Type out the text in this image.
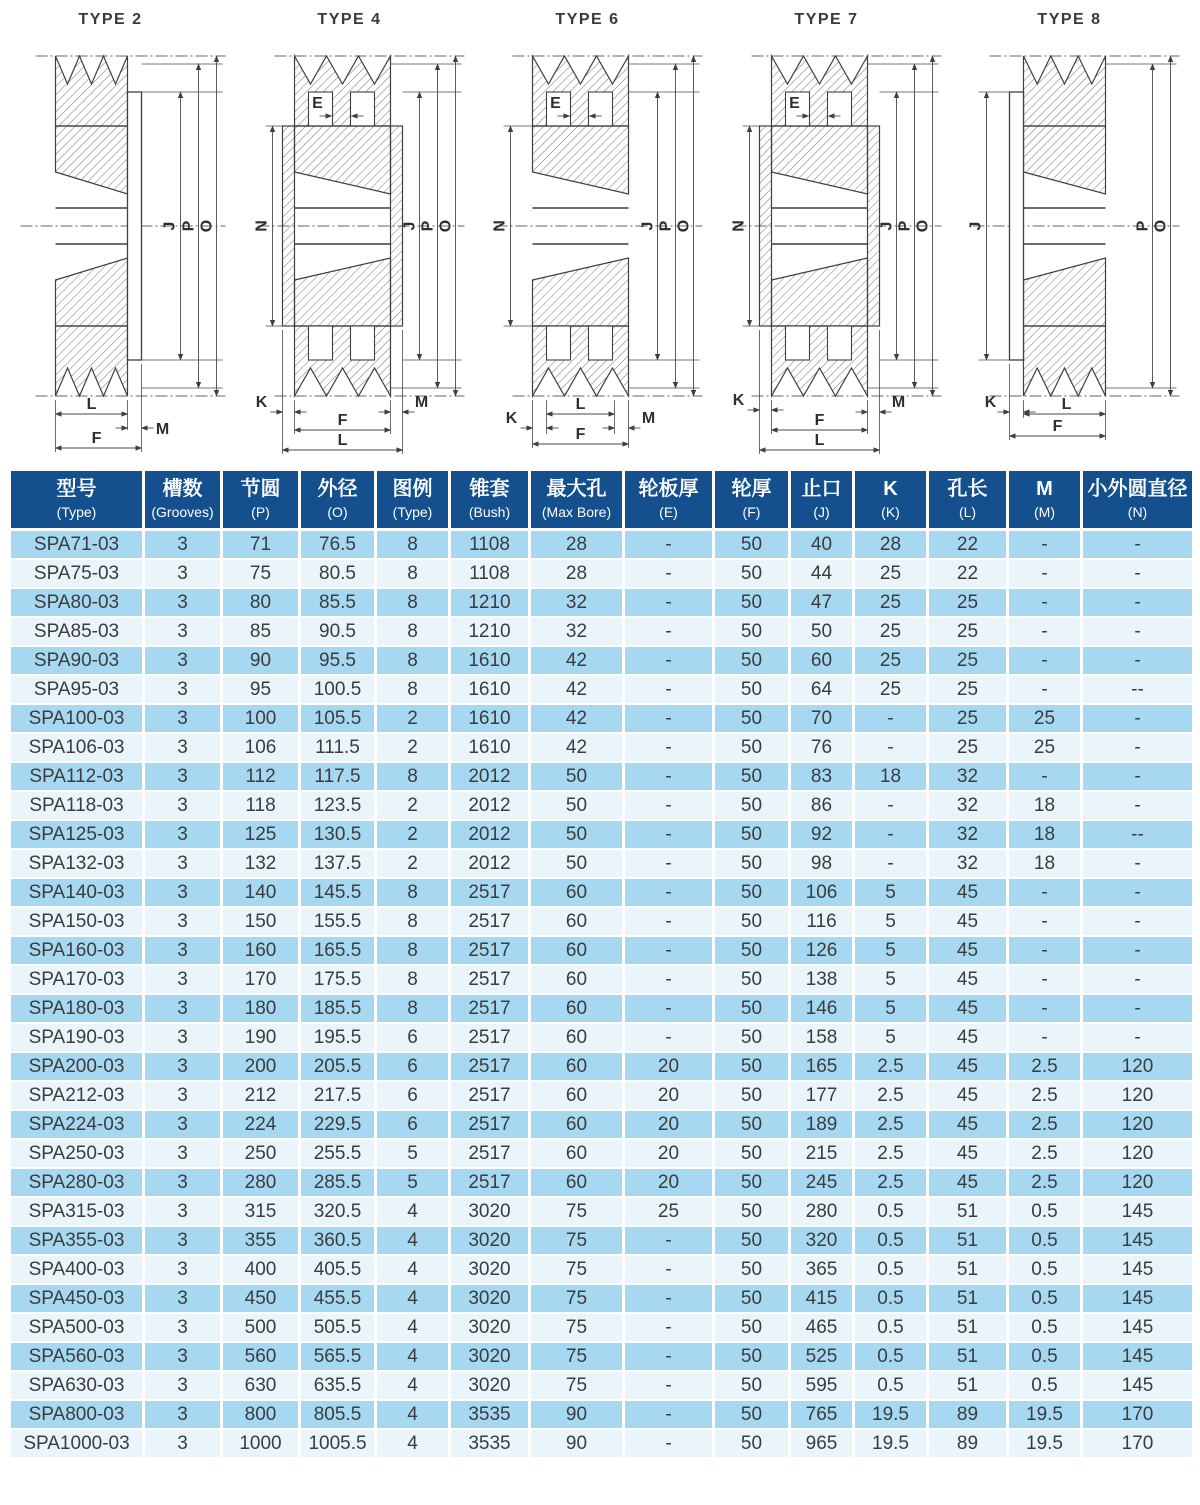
TYPE 2
J P O
L
M
F
TYPE 4
E
N	J P O
K	M
F
L
TYPE 6
E
N	J P O
L
K	M
F
TYPE 7
E
N	J P O
K	M
F
L
TYPE 8
J	P O
K	L
F
型号
(Type)

槽数
(Grooves)

节圆
(P)

外径
(O)

图例
(Type)

锥套
(Bush)

最大孔
(Max Bore)

轮板厚
(E)

轮厚
(F)

止口
(J)

K
(K)

孔长
(L)

M
(M)

小外圆直径
(N)

SPA71-03	3	71	76.5	8	1108	28	-	50	40	28	22	-	-
SPA75-03	3	75	80.5	8	1108	28	-	50	44	25	22	-	-
SPA80-03	3	80	85.5	8	1210	32	-	50	47	25	25	-	-
SPA85-03	3	85	90.5	8	1210	32	-	50	50	25	25	-	-
SPA90-03	3	90	95.5	8	1610	42	-	50	60	25	25	-	-
SPA95-03	3	95	100.5	8	1610	42	-	50	64	25	25	-	--
SPA100-03	3	100	105.5	2	1610	42	-	50	70	-	25	25	-
SPA106-03	3	106	111.5	2	1610	42	-	50	76	-	25	25	-
SPA112-03	3	112	117.5	8	2012	50	-	50	83	18	32	-	-
SPA118-03	3	118	123.5	2	2012	50	-	50	86	-	32	18	-
SPA125-03	3	125	130.5	2	2012	50	-	50	92	-	32	18	--
SPA132-03	3	132	137.5	2	2012	50	-	50	98	-	32	18	-
SPA140-03	3	140	145.5	8	2517	60	-	50	106	5	45	-	-
SPA150-03	3	150	155.5	8	2517	60	-	50	116	5	45	-	-
SPA160-03	3	160	165.5	8	2517	60	-	50	126	5	45	-	-
SPA170-03	3	170	175.5	8	2517	60	-	50	138	5	45	-	-
SPA180-03	3	180	185.5	8	2517	60	-	50	146	5	45	-	-
SPA190-03	3	190	195.5	6	2517	60	-	50	158	5	45	-	-
SPA200-03	3	200	205.5	6	2517	60	20	50	165	2.5	45	2.5	120
SPA212-03	3	212	217.5	6	2517	60	20	50	177	2.5	45	2.5	120
SPA224-03	3	224	229.5	6	2517	60	20	50	189	2.5	45	2.5	120
SPA250-03	3	250	255.5	5	2517	60	20	50	215	2.5	45	2.5	120
SPA280-03	3	280	285.5	5	2517	60	20	50	245	2.5	45	2.5	120
SPA315-03	3	315	320.5	4	3020	75	25	50	280	0.5	51	0.5	145
SPA355-03	3	355	360.5	4	3020	75	-	50	320	0.5	51	0.5	145
SPA400-03	3	400	405.5	4	3020	75	-	50	365	0.5	51	0.5	145
SPA450-03	3	450	455.5	4	3020	75	-	50	415	0.5	51	0.5	145
SPA500-03	3	500	505.5	4	3020	75	-	50	465	0.5	51	0.5	145
SPA560-03	3	560	565.5	4	3020	75	-	50	525	0.5	51	0.5	145
SPA630-03	3	630	635.5	4	3020	75	-	50	595	0.5	51	0.5	145
SPA800-03	3	800	805.5	4	3535	90	-	50	765	19.5	89	19.5	170
SPA1000-03	3	1000	1005.5	4	3535	90	-	50	965	19.5	89	19.5	170
